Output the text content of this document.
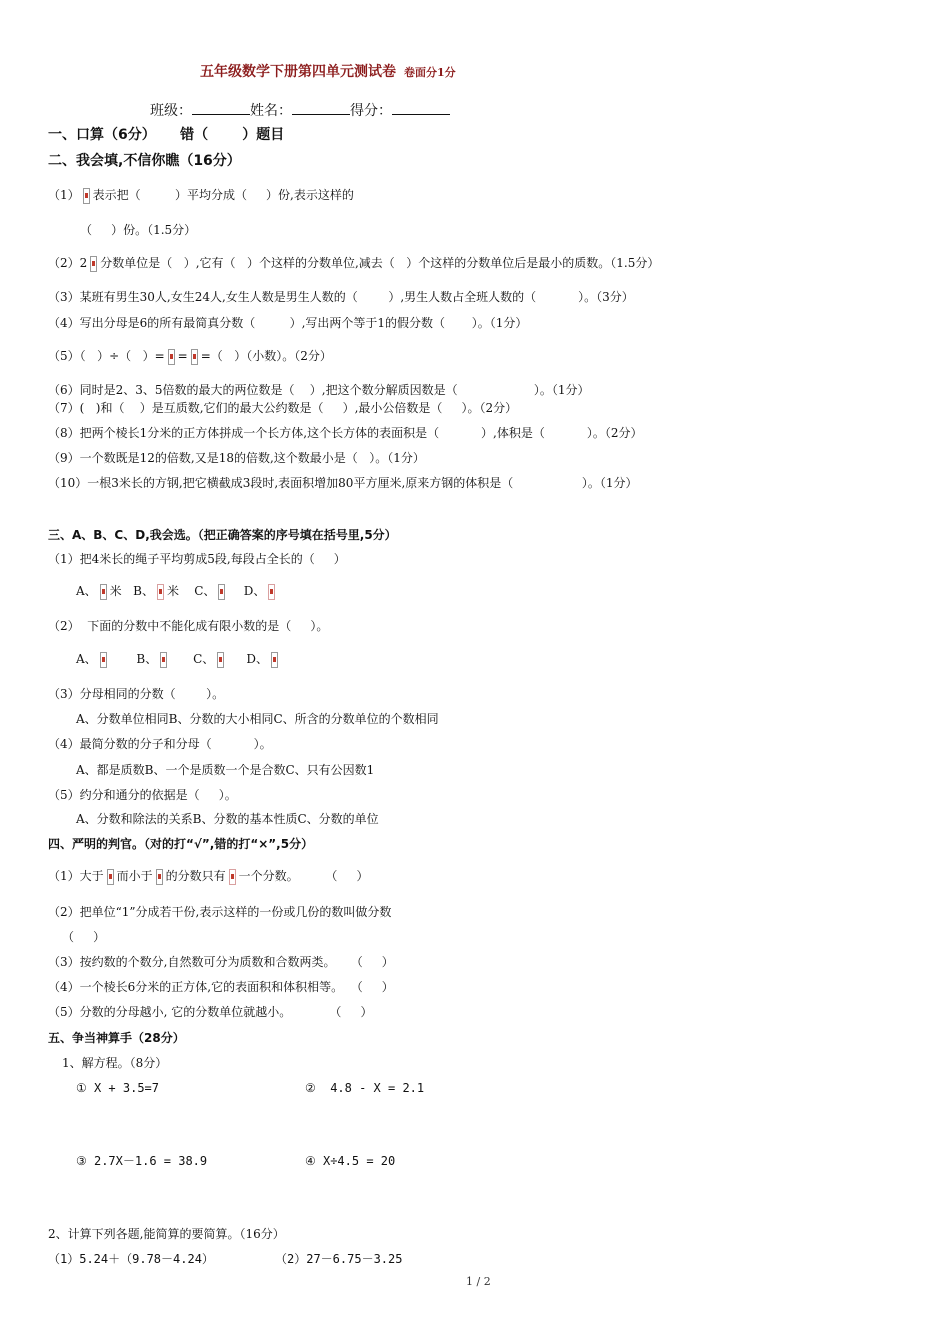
五年级数学下册第四单元测试卷 卷面分1分
班级：	姓名：	得分：
一、口算（6分）     错（       ）题目
二、我会填,不信你瞧（16分）
（1） 表示把（         ）平均分成（     ）份,表示这样的
（     ）份。（1.5分）
（2）2 分数单位是（   ）,它有（   ）个这样的分数单位,减去（   ）个这样的分数单位后是最小的质数。（1.5分）
（3）某班有男生30人,女生24人,女生人数是男生人数的（        ）,男生人数占全班人数的（           ）。（3分）
（4）写出分母是6的所有最简真分数（         ）,写出两个等于1的假分数（       ）。（1分）
（5）（   ）÷（   ）= = =（   ）（小数）。（2分）
（6）同时是2、3、5倍数的最大的两位数是（    ）,把这个数分解质因数是（                    ）。（1分）
（7）(   )和（    ）是互质数,它们的最大公约数是（     ）,最小公倍数是（     ）。（2分）
（8）把两个棱长1分米的正方体拼成一个长方体,这个长方体的表面积是（           ）,体积是（           ）。（2分）
（9）一个数既是12的倍数,又是18的倍数,这个数最小是（   ）。（1分）
（10）一根3米长的方钢,把它横截成3段时,表面积增加80平方厘米,原来方钢的体积是（                  ）。（1分）
三、A、B、C、D,我会选。（把正确答案的序号填在括号里,5分）
（1）把4米长的绳子平均剪成5段,每段占全长的（     ）
A、 米 B、 米 C、 D、
（2）  下面的分数中不能化成有限小数的是（     ）。
A、	B、	C、	D、
（3）分母相同的分数（        ）。
A、分数单位相同B、分数的大小相同C、所含的分数单位的个数相同
（4）最简分数的分子和分母（           ）。
A、都是质数B、一个是质数一个是合数C、只有公因数1
（5）约分和通分的依据是（     ）。
A、分数和除法的关系B、分数的基本性质C、分数的单位
四、严明的判官。（对的打“√”,错的打“×”,5分）
（1）大于 而小于 的分数只有 一个分数。       （     ）
（2）把单位“1”分成若干份,表示这样的一份或几份的数叫做分数
（     ）
（3）按约数的个数分,自然数可分为质数和合数两类。    （     ）
（4）一个棱长6分米的正方体,它的表面积和体积相等。  （     ）
（5）分数的分母越小, 它的分数单位就越小。          （     ）
五、争当神算手（28分）
1、解方程。（8分）
① X + 3.5=7	②  4.8 - X = 2.1
③ 2.7X－1.6 = 38.9	④ X÷4.5 = 20
2、计算下列各题,能简算的要简算。（16分）
（1）5.24＋（9.78－4.24）	（2）27－6.75－3.25
1 / 2
